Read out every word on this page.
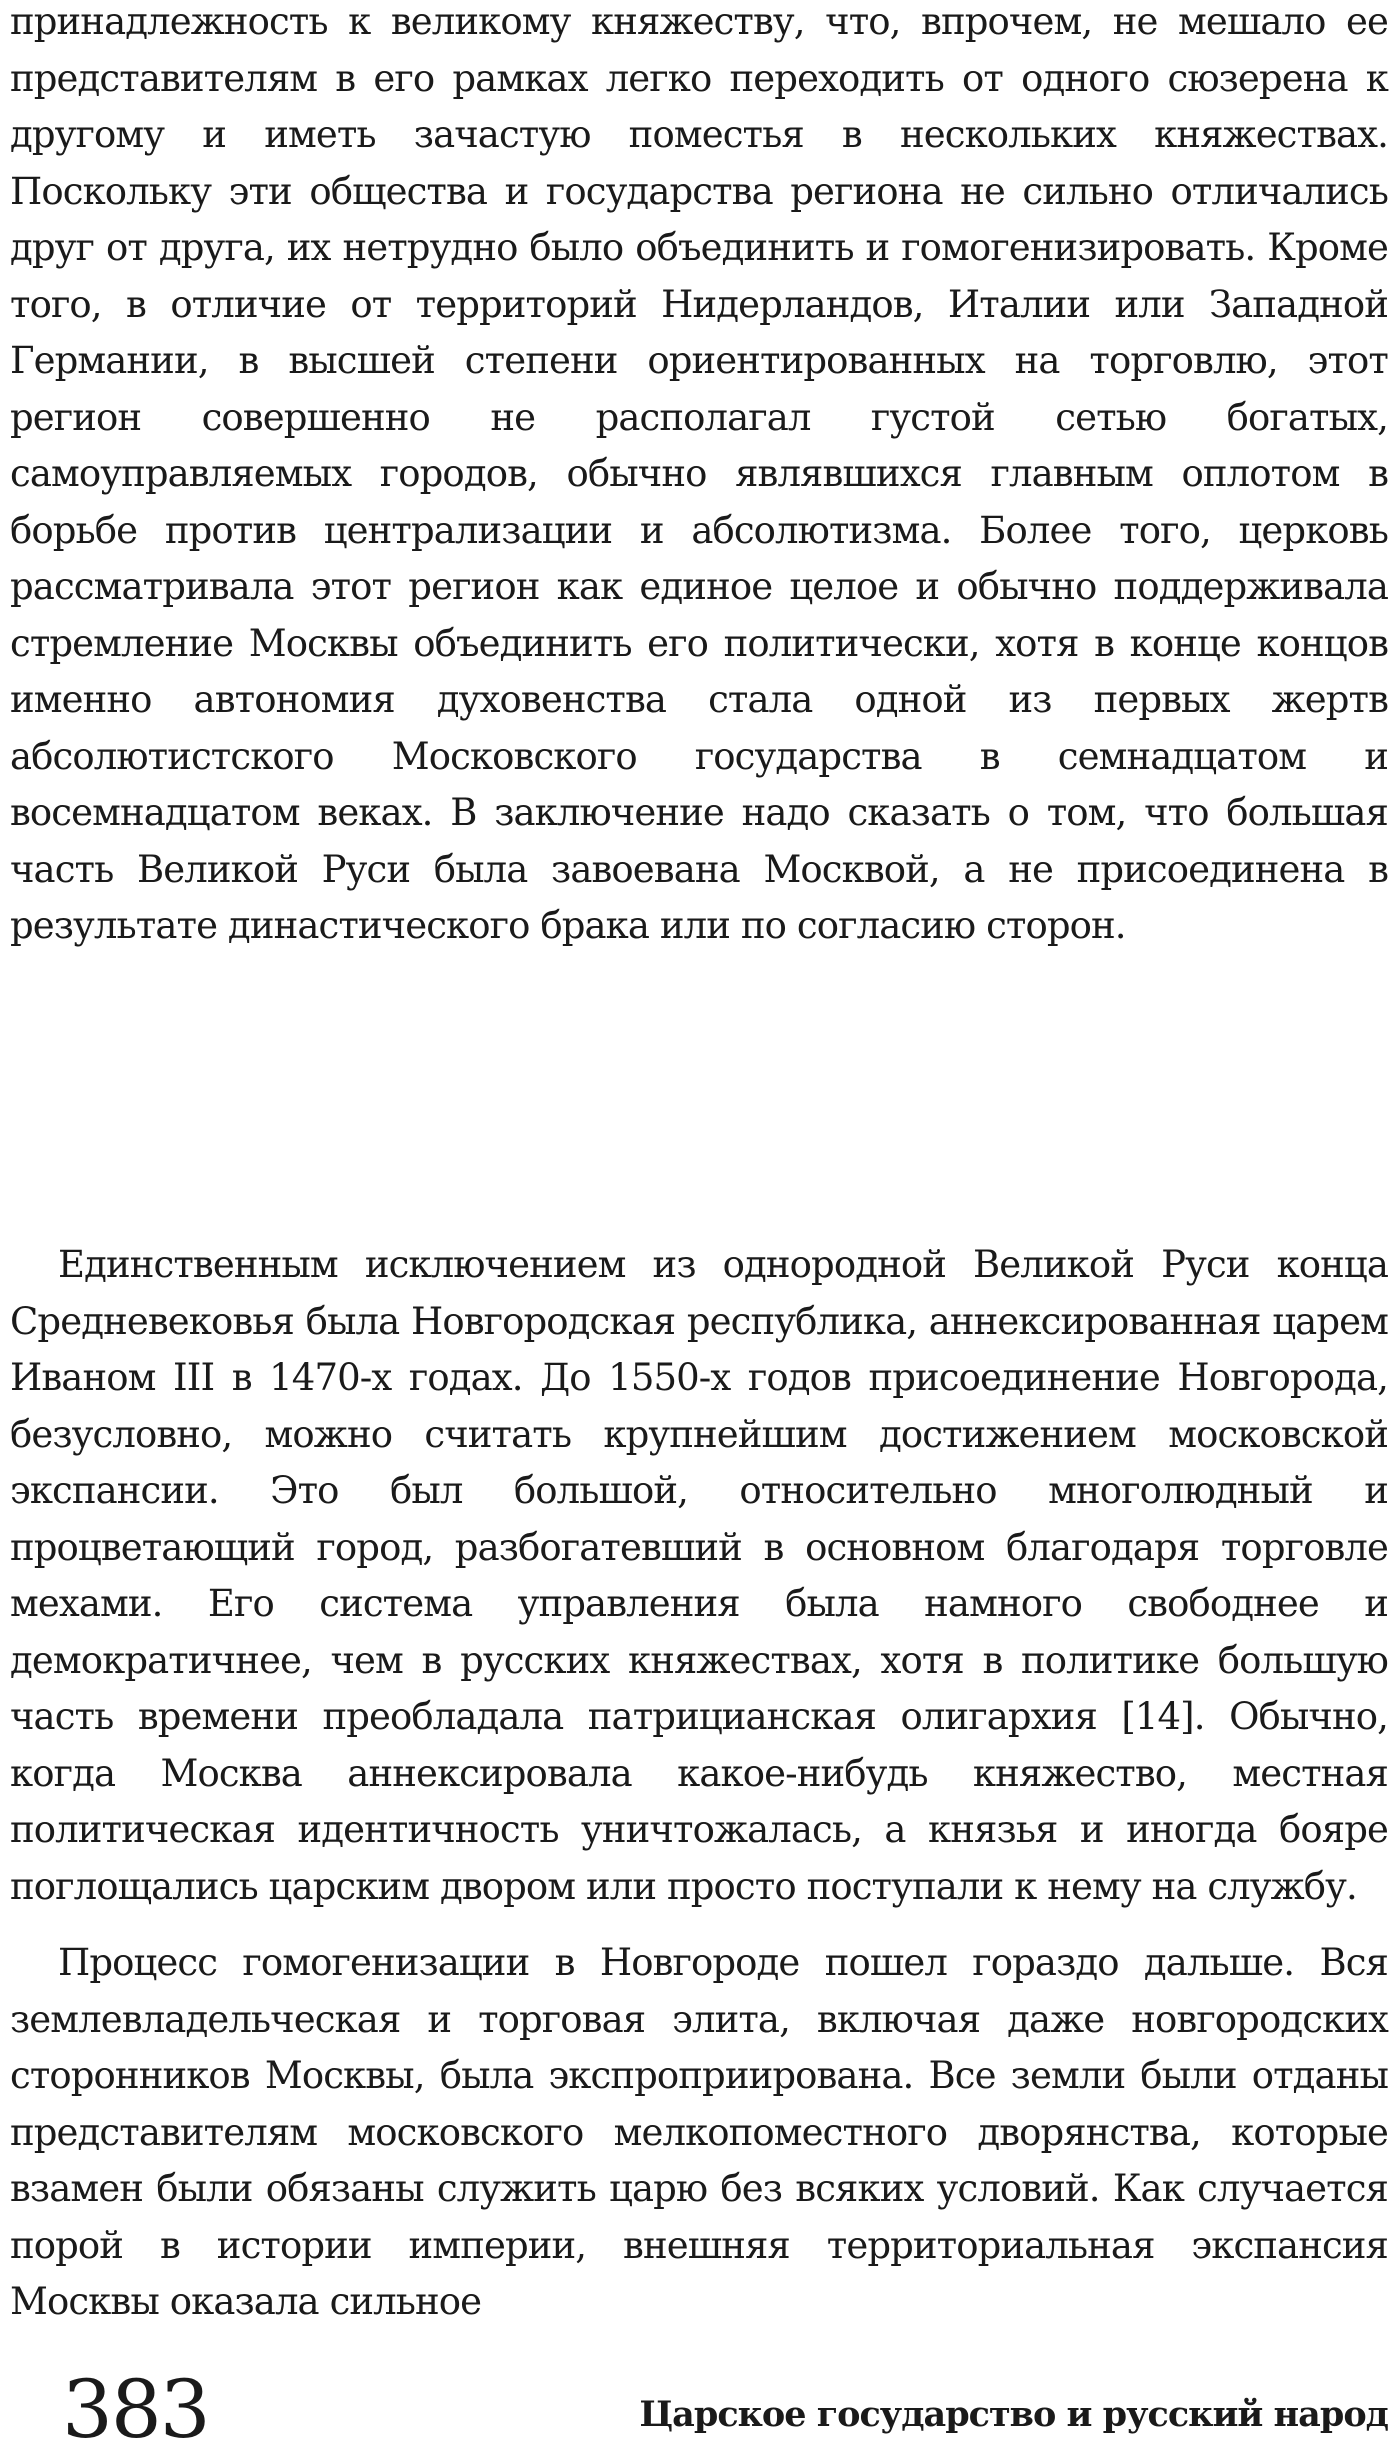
принадлежность к великому княжеству, что, впрочем, не мешало ее представителям в его рамках легко переходить от одного сюзерена к другому и иметь зачастую поместья в нескольких княжествах. Поскольку эти общества и государства региона не сильно отличались друг от друга, их нетрудно было объединить и гомогенизировать. Кроме того, в отличие от территорий Нидерландов, Италии или Западной Германии, в высшей степени ориентированных на торговлю, этот регион совершенно не располагал густой сетью богатых, самоуправляемых городов, обычно являвшихся главным оплотом в борьбе против централизации и абсолютизма. Более того, церковь рассматривала этот регион как единое целое и обычно поддерживала стремление Москвы объединить его политически, хотя в конце концов именно автономия духовенства стала одной из первых жертв абсолютистского Московского государства в семнадцатом и восемнадцатом веках. В заключение надо сказать о том, что большая часть Великой Руси была завоевана Москвой, а не присоединена в результате династического брака или по согласию сторон.

Единственным исключением из однородной Великой Руси конца Средневековья была Новгородская республика, аннексированная царем Иваном III в 1470-х годах. До 1550-х годов присоединение Новгорода, безусловно, можно считать крупнейшим достижением московской экспансии. Это был большой, относительно многолюдный и процветающий город, разбогатевший в основном благодаря торговле мехами. Его система управления была намного свободнее и демократичнее, чем в русских княжествах, хотя в политике большую часть времени преобладала патрицианская олигархия [14]. Обычно, когда Москва аннексировала какое-нибудь княжество, местная политическая идентичность уничтожалась, а князья и иногда бояре поглощались царским двором или просто поступали к нему на службу.

Процесс гомогенизации в Новгороде пошел гораздо дальше. Вся землевладельческая и торговая элита, включая даже новгородских сторонников Москвы, была экспроприирована. Все земли были отданы представителям московского мелкопоместного дворянства, которые взамен были обязаны служить царю без всяких условий. Как случается порой в истории империи, внешняя территориальная экспансия Москвы оказала сильное

383	Царское государство и русский народ
